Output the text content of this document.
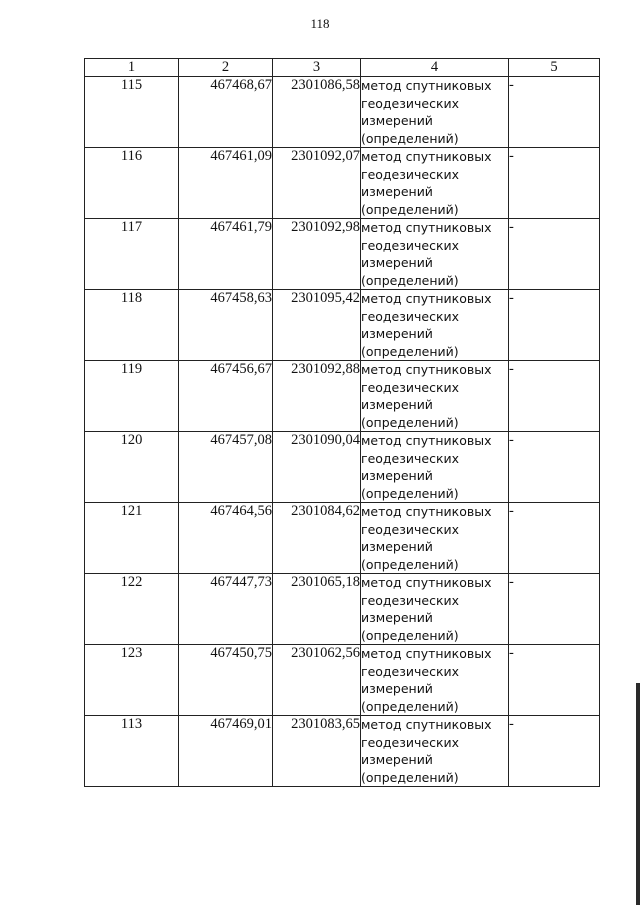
118
1	2	3	4	5
115	467468,67	2301086,58	метод спутниковых
геодезических
измерений
(определений)	-
116	467461,09	2301092,07	метод спутниковых
геодезических
измерений
(определений)	-
117	467461,79	2301092,98	метод спутниковых
геодезических
измерений
(определений)	-
118	467458,63	2301095,42	метод спутниковых
геодезических
измерений
(определений)	-
119	467456,67	2301092,88	метод спутниковых
геодезических
измерений
(определений)	-
120	467457,08	2301090,04	метод спутниковых
геодезических
измерений
(определений)	-
121	467464,56	2301084,62	метод спутниковых
геодезических
измерений
(определений)	-
122	467447,73	2301065,18	метод спутниковых
геодезических
измерений
(определений)	-
123	467450,75	2301062,56	метод спутниковых
геодезических
измерений
(определений)	-
113	467469,01	2301083,65	метод спутниковых
геодезических
измерений
(определений)	-
